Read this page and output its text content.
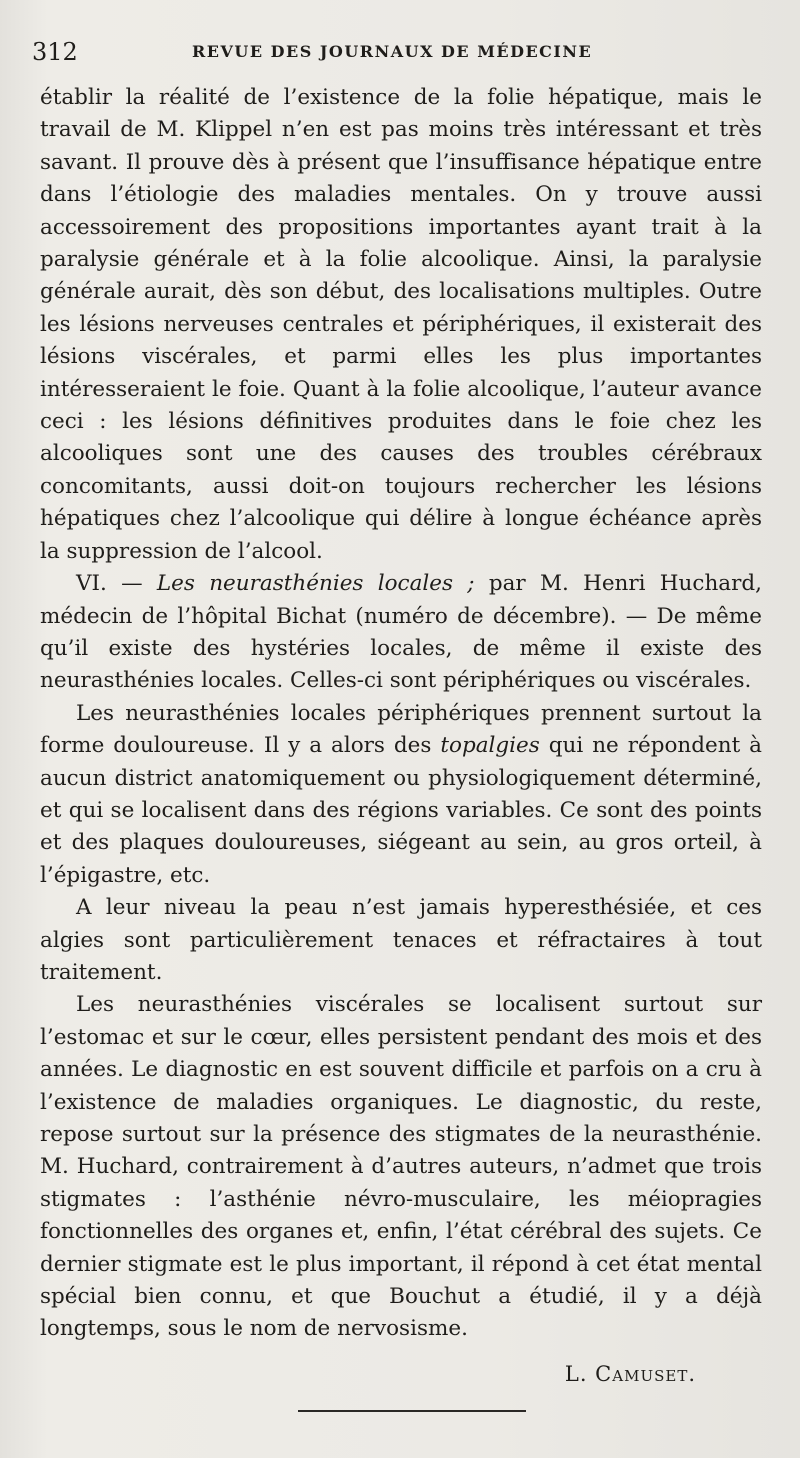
312	REVUE DES JOURNAUX DE MÉDECINE

établir la réalité de l’existence de la folie hépatique, mais le travail de M. Klippel n’en est pas moins très intéressant et très savant. Il prouve dès à présent que l’insuffisance hépatique entre dans l’étiologie des maladies mentales. On y trouve aussi accessoirement des propositions importantes ayant trait à la paralysie générale et à la folie alcoolique. Ainsi, la paralysie générale aurait, dès son début, des localisations multiples. Outre les lésions nerveuses centrales et périphériques, il existerait des lésions viscérales, et parmi elles les plus importantes intéresseraient le foie. Quant à la folie alcoolique, l’auteur avance ceci : les lésions définitives produites dans le foie chez les alcooliques sont une des causes des troubles cérébraux concomitants, aussi doit-on toujours rechercher les lésions hépatiques chez l’alcoolique qui délire à longue échéance après la suppression de l’alcool.

VI. — Les neurasthénies locales ; par M. Henri Huchard, médecin de l’hôpital Bichat (numéro de décembre). — De même qu’il existe des hystéries locales, de même il existe des neurasthénies locales. Celles-ci sont périphériques ou viscérales.

Les neurasthénies locales périphériques prennent surtout la forme douloureuse. Il y a alors des topalgies qui ne répondent à aucun district anatomiquement ou physiologiquement déterminé, et qui se localisent dans des régions variables. Ce sont des points et des plaques douloureuses, siégeant au sein, au gros orteil, à l’épigastre, etc.

A leur niveau la peau n’est jamais hyperesthésiée, et ces algies sont particulièrement tenaces et réfractaires à tout traitement.

Les neurasthénies viscérales se localisent surtout sur l’estomac et sur le cœur, elles persistent pendant des mois et des années. Le diagnostic en est souvent difficile et parfois on a cru à l’existence de maladies organiques. Le diagnostic, du reste, repose surtout sur la présence des stigmates de la neurasthénie. M. Huchard, contrairement à d’autres auteurs, n’admet que trois stigmates : l’asthénie névro-musculaire, les méiopragies fonctionnelles des organes et, enfin, l’état cérébral des sujets. Ce dernier stigmate est le plus important, il répond à cet état mental spécial bien connu, et que Bouchut a étudié, il y a déjà longtemps, sous le nom de nervosisme.

L. Camuset.
